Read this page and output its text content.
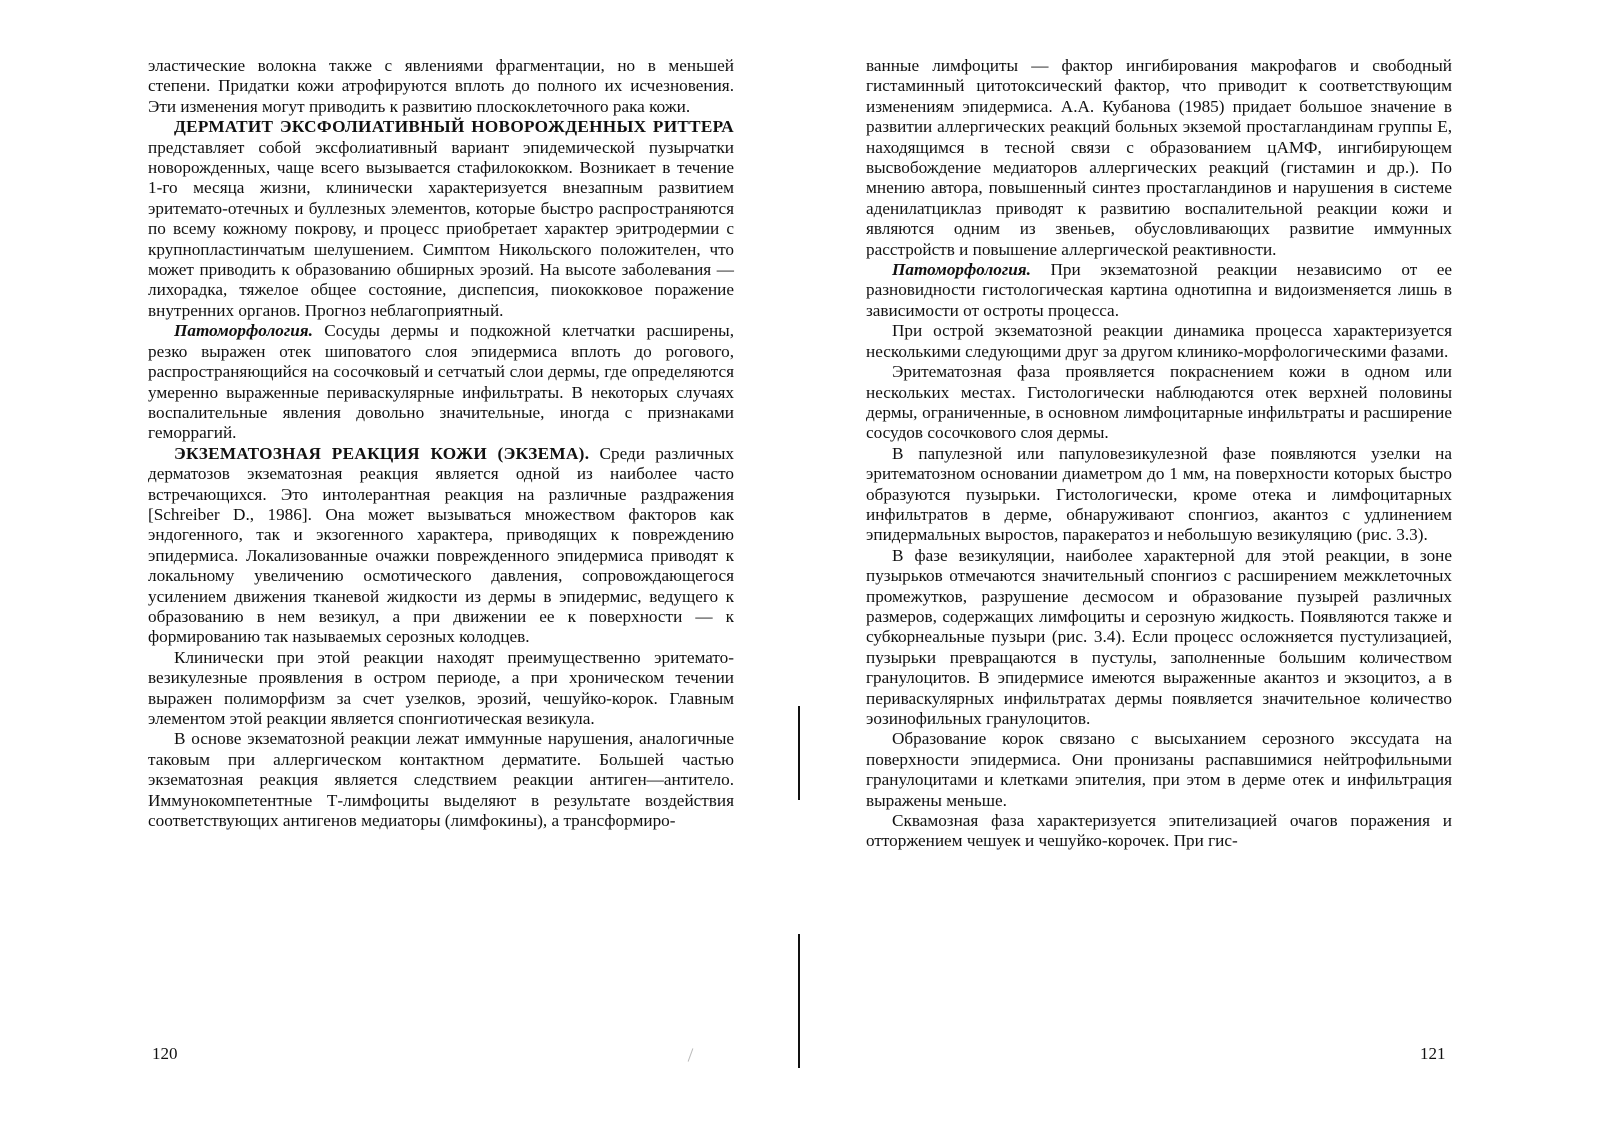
эластические волокна также с явлениями фрагментации, но в меньшей степени. Придатки кожи атрофируются вплоть до полного их исчезновения. Эти изменения могут приводить к развитию плоскоклеточного рака кожи.

ДЕРМАТИТ ЭКСФОЛИАТИВНЫЙ НОВОРОЖДЕННЫХ РИТТЕРА представляет собой эксфолиативный вариант эпидемической пузырчатки новорожденных, чаще всего вызывается стафилококком. Возникает в течение 1-го месяца жизни, клинически характеризуется внезапным развитием эритемато-отечных и буллезных элементов, которые быстро распространяются по всему кожному покрову, и процесс приобретает характер эритродермии с крупнопластинчатым шелушением. Симптом Никольского положителен, что может приводить к образованию обширных эрозий. На высоте заболевания — лихорадка, тяжелое общее состояние, диспепсия, пиококковое поражение внутренних органов. Прогноз неблагоприятный.

Патоморфология. Сосуды дермы и подкожной клетчатки расширены, резко выражен отек шиповатого слоя эпидермиса вплоть до рогового, распространяющийся на сосочковый и сетчатый слои дермы, где определяются умеренно выраженные периваскулярные инфильтраты. В некоторых случаях воспалительные явления довольно значительные, иногда с признаками геморрагий.

ЭКЗЕМАТОЗНАЯ РЕАКЦИЯ КОЖИ (ЭКЗЕМА). Среди различных дерматозов экзематозная реакция является одной из наиболее часто встречающихся. Это интолерантная реакция на различные раздражения [Schreiber D., 1986]. Она может вызываться множеством факторов как эндогенного, так и экзогенного характера, приводящих к повреждению эпидермиса. Локализованные очажки поврежденного эпидермиса приводят к локальному увеличению осмотического давления, сопровождающегося усилением движения тканевой жидкости из дермы в эпидермис, ведущего к образованию в нем везикул, а при движении ее к поверхности — к формированию так называемых серозных колодцев.

Клинически при этой реакции находят преимущественно эритемато-везикулезные проявления в остром периоде, а при хроническом течении выражен полиморфизм за счет узелков, эрозий, чешуйко-корок. Главным элементом этой реакции является спонгиотическая везикула.

В основе экзематозной реакции лежат иммунные нарушения, аналогичные таковым при аллергическом контактном дерматите. Большей частью экзематозная реакция является следствием реакции антиген—антитело. Иммунокомпетентные Т-лимфоциты выделяют в результате воздействия соответствующих антигенов медиаторы (лимфокины), а трансформиро-

ванные лимфоциты — фактор ингибирования макрофагов и свободный гистаминный цитотоксический фактор, что приводит к соответствующим изменениям эпидермиса. А.А. Кубанова (1985) придает большое значение в развитии аллергических реакций больных экземой простагландинам группы Е, находящимся в тесной связи с образованием цАМФ, ингибирующем высвобождение медиаторов аллергических реакций (гистамин и др.). По мнению автора, повышенный синтез простагландинов и нарушения в системе аденилатциклаз приводят к развитию воспалительной реакции кожи и являются одним из звеньев, обусловливающих развитие иммунных расстройств и повышение аллергической реактивности.

Патоморфология. При экзематозной реакции независимо от ее разновидности гистологическая картина однотипна и видоизменяется лишь в зависимости от остроты процесса.

При острой экзематозной реакции динамика процесса характеризуется несколькими следующими друг за другом клинико-морфологическими фазами.

Эритематозная фаза проявляется покраснением кожи в одном или нескольких местах. Гистологически наблюдаются отек верхней половины дермы, ограниченные, в основном лимфоцитарные инфильтраты и расширение сосудов сосочкового слоя дермы.

В папулезной или папуловезикулезной фазе появляются узелки на эритематозном основании диаметром до 1 мм, на поверхности которых быстро образуются пузырьки. Гистологически, кроме отека и лимфоцитарных инфильтратов в дерме, обнаруживают спонгиоз, акантоз с удлинением эпидермальных выростов, паракератоз и небольшую везикуляцию (рис. 3.3).

В фазе везикуляции, наиболее характерной для этой реакции, в зоне пузырьков отмечаются значительный спонгиоз с расширением межклеточных промежутков, разрушение десмосом и образование пузырей различных размеров, содержащих лимфоциты и серозную жидкость. Появляются также и субкорнеальные пузыри (рис. 3.4). Если процесс осложняется пустулизацией, пузырьки превращаются в пустулы, заполненные большим количеством гранулоцитов. В эпидермисе имеются выраженные акантоз и экзоцитоз, а в периваскулярных инфильтратах дермы появляется значительное количество эозинофильных гранулоцитов.

Образование корок связано с высыханием серозного экссудата на поверхности эпидермиса. Они пронизаны распавшимися нейтрофильными гранулоцитами и клетками эпителия, при этом в дерме отек и инфильтрация выражены меньше.

Сквамозная фаза характеризуется эпителизацией очагов поражения и отторжением чешуек и чешуйко-корочек. При гис-

120	121
